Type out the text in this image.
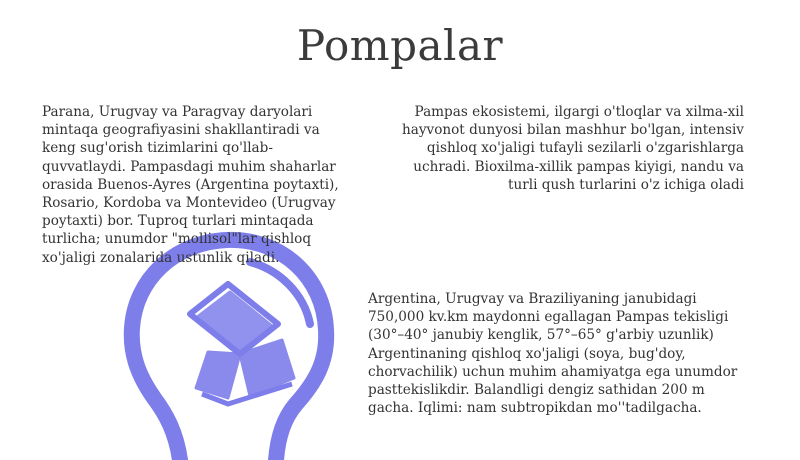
Pompalar
Parana, Urugvay va Paragvay daryolari mintaqa geografiyasini shakllantiradi va keng sug'orish tizimlarini qo'llab-quvvatlaydi. Pampasdagi muhim shaharlar orasida Buenos-Ayres (Argentina poytaxti), Rosario, Kordoba va Montevideo (Urugvay poytaxti) bor. Tuproq turlari mintaqada turlicha; unumdor "mollisol"lar qishloq xo'jaligi zonalarida ustunlik qiladi.
Pampas ekosistemi, ilgargi o'tloqlar va xilma-xil hayvonot dunyosi bilan mashhur bo'lgan, intensiv qishloq xo'jaligi tufayli sezilarli o'zgarishlarga uchradi. Bioxilma-xillik pampas kiyigi, nandu va turli qush turlarini o'z ichiga oladi
Argentina, Urugvay va Braziliyaning janubidagi 750,000 kv.km maydonni egallagan Pampas tekisligi (30°–40° janubiy kenglik, 57°–65° g'arbiy uzunlik) Argentinaning qishloq xo'jaligi (soya, bug'doy, chorvachilik) uchun muhim ahamiyatga ega unumdor pasttekislikdir. Balandligi dengiz sathidan 200 m gacha. Iqlimi: nam subtropikdan mo''tadilgacha.
